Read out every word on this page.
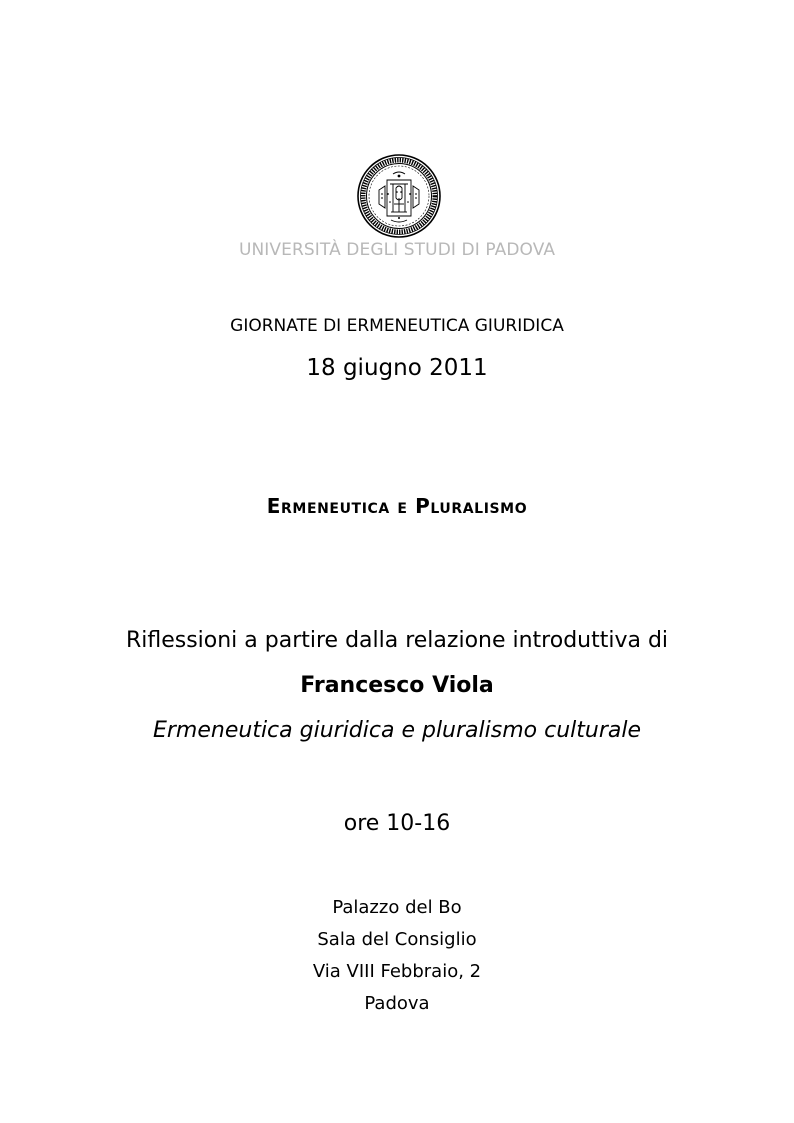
UNIVERSITÀ DEGLI STUDI DI PADOVA
GIORNATE DI ERMENEUTICA GIURIDICA
18 giugno 2011
Ermeneutica e Pluralismo
Riflessioni a partire dalla relazione introduttiva di
Francesco Viola
Ermeneutica giuridica e pluralismo culturale
ore 10-16
Palazzo del Bo
Sala del Consiglio
Via VIII Febbraio, 2
Padova
